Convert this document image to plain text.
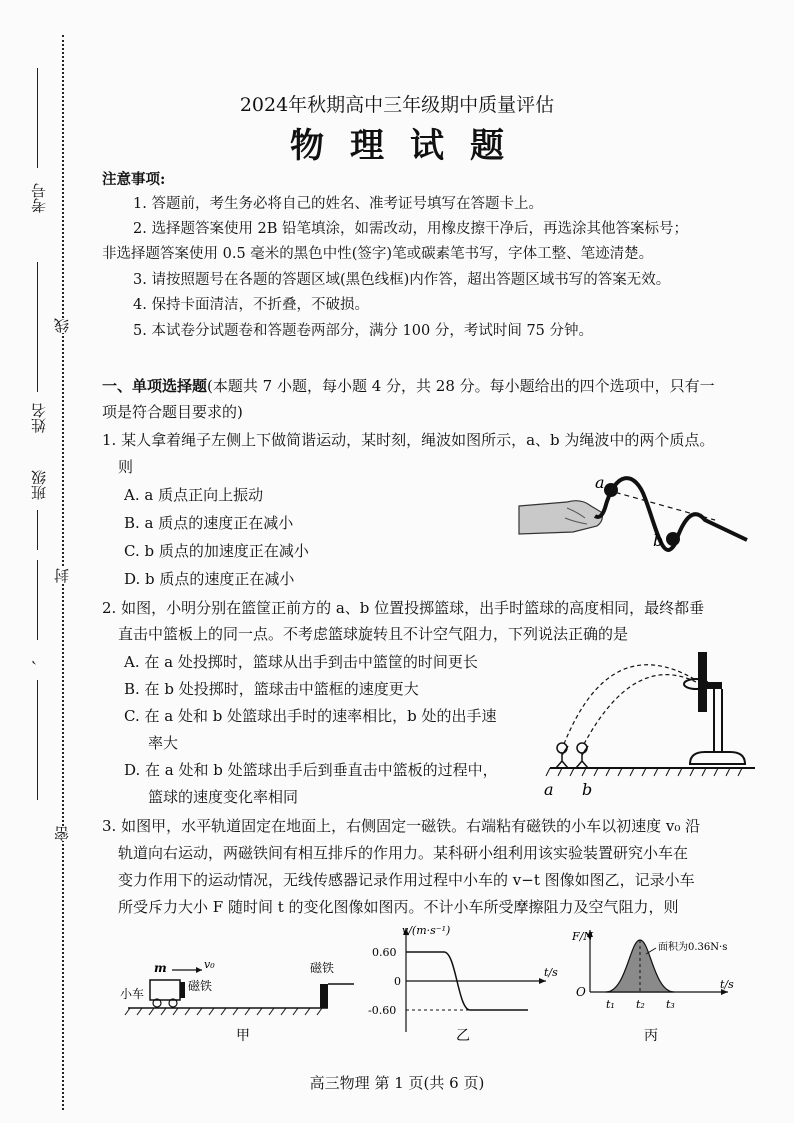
考号
姓名
班级
、
线
封
密
2024年秋期高中三年级期中质量评估
物理试题
注意事项:
1. 答题前，考生务必将自己的姓名、准考证号填写在答题卡上。
2. 选择题答案使用 2B 铅笔填涂，如需改动，用橡皮擦干净后，再选涂其他答案标号；
非选择题答案使用 0.5 毫米的黑色中性(签字)笔或碳素笔书写，字体工整、笔迹清楚。
3. 请按照题号在各题的答题区域(黑色线框)内作答，超出答题区域书写的答案无效。
4. 保持卡面清洁，不折叠，不破损。
5. 本试卷分试题卷和答题卷两部分，满分 100 分，考试时间 75 分钟。
一、单项选择题(本题共 7 小题，每小题 4 分，共 28 分。每小题给出的四个选项中，只有一
项是符合题目要求的)
1. 某人拿着绳子左侧上下做简谐运动，某时刻，绳波如图所示，a、b 为绳波中的两个质点。
则
A. a 质点正向上振动
B. a 质点的速度正在减小
C. b 质点的加速度正在减小
D. b 质点的速度正在减小
a
b
2. 如图，小明分别在篮筐正前方的 a、b 位置投掷篮球，出手时篮球的高度相同，最终都垂
直击中篮板上的同一点。不考虑篮球旋转且不计空气阻力，下列说法正确的是
A. 在 a 处投掷时，篮球从出手到击中篮筐的时间更长
B. 在 b 处投掷时，篮球击中篮框的速度更大
C. 在 a 处和 b 处篮球出手时的速率相比，b 处的出手速
率大
D. 在 a 处和 b 处篮球出手后到垂直击中篮板的过程中，
篮球的速度变化率相同	a b
3. 如图甲，水平轨道固定在地面上，右侧固定一磁铁。右端粘有磁铁的小车以初速度 v₀ 沿
轨道向右运动，两磁铁间有相互排斥的作用力。某科研小组利用该实验装置研究小车在
变力作用下的运动情况，无线传感器记录作用过程中小车的 v−t 图像如图乙，记录小车
所受斥力大小 F 随时间 t 的变化图像如图丙。不计小车所受摩擦阻力及空气阻力，则
小车
m	v₀
磁铁
磁铁
甲
v/(m·s⁻¹)
t/s
0.60
0
-0.60
乙
F/N
t/s
O
t₁ t₂ t₃
面积为0.36N·s
丙
高三物理 第 1 页(共 6 页)
